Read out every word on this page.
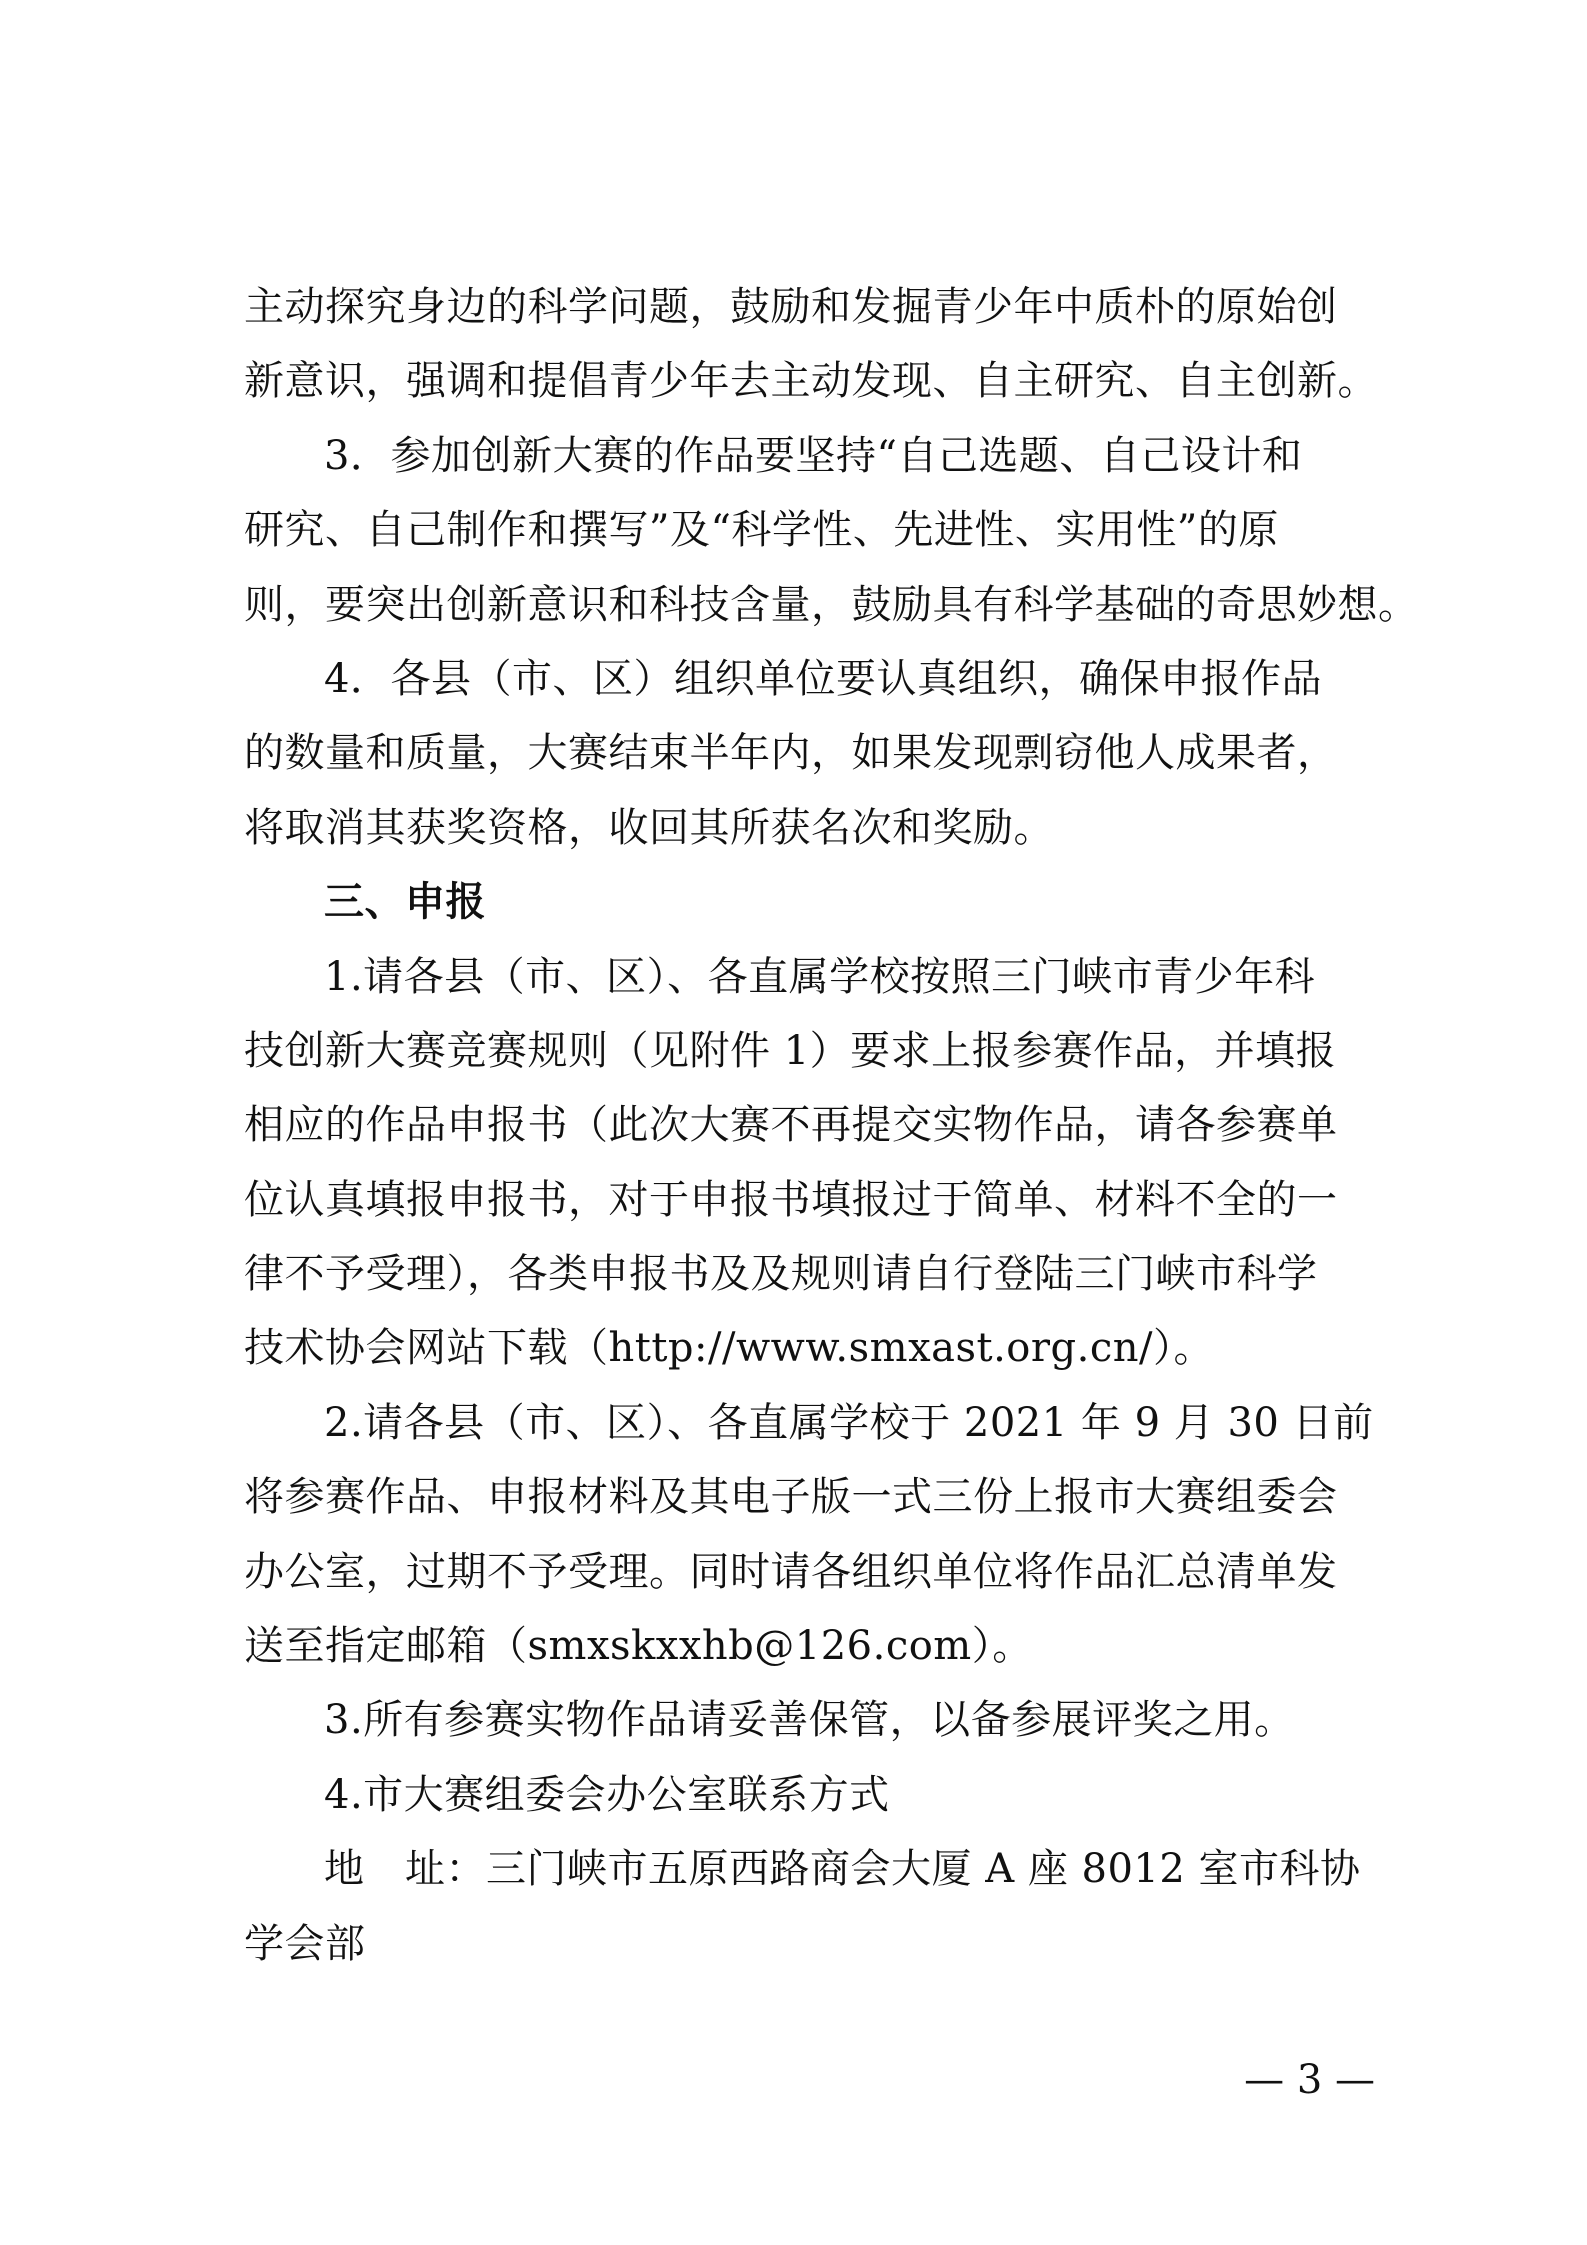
主动探究身边的科学问题，鼓励和发掘青少年中质朴的原始创
新意识，强调和提倡青少年去主动发现、自主研究、自主创新。
3．参加创新大赛的作品要坚持“自己选题、自己设计和
研究、自己制作和撰写”及“科学性、先进性、实用性”的原
则，要突出创新意识和科技含量，鼓励具有科学基础的奇思妙想。
4．各县（市、区）组织单位要认真组织，确保申报作品
的数量和质量，大赛结束半年内，如果发现剽窃他人成果者，
将取消其获奖资格，收回其所获名次和奖励。
三、申报
1.请各县（市、区）、各直属学校按照三门峡市青少年科
技创新大赛竞赛规则（见附件 1）要求上报参赛作品，并填报
相应的作品申报书（此次大赛不再提交实物作品，请各参赛单
位认真填报申报书，对于申报书填报过于简单、材料不全的一
律不予受理），各类申报书及及规则请自行登陆三门峡市科学
技术协会网站下载（http://www.smxast.org.cn/）。
2.请各县（市、区）、各直属学校于 2021 年 9 月 30 日前
将参赛作品、申报材料及其电子版一式三份上报市大赛组委会
办公室，过期不予受理。同时请各组织单位将作品汇总清单发
送至指定邮箱（smxskxxhb@126.com）。
3.所有参赛实物作品请妥善保管，以备参展评奖之用。
4.市大赛组委会办公室联系方式
地　址：三门峡市五原西路商会大厦 A 座 8012 室市科协
学会部
— 3 —
